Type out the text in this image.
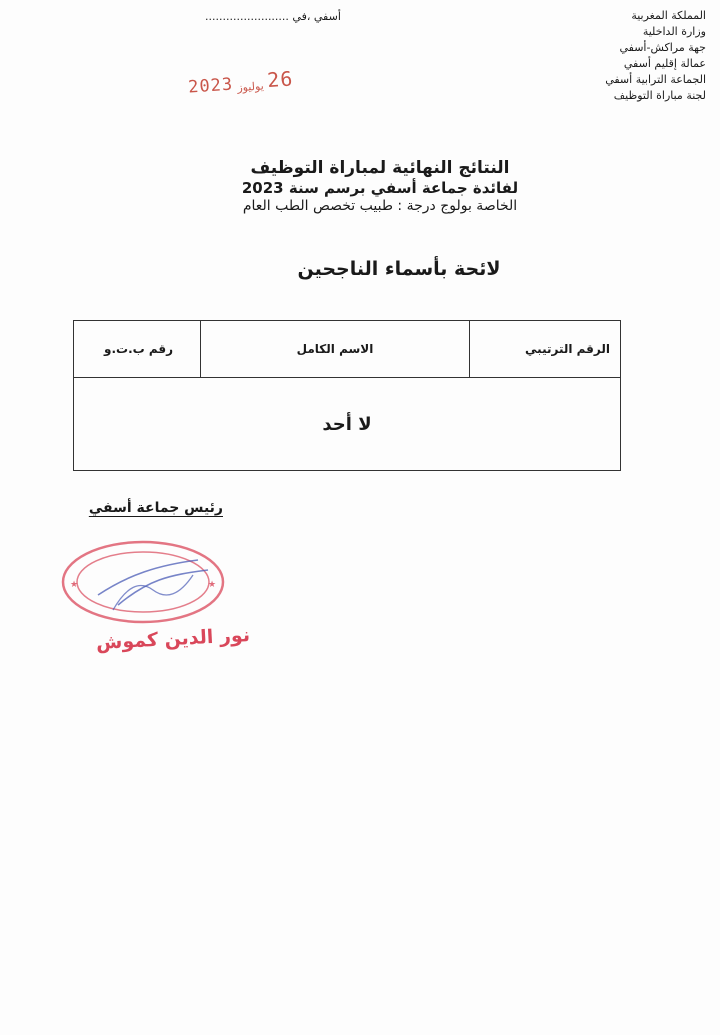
المملكة المغربية
وزارة الداخلية
جهة مراكش-أسفي
عمالة إقليم أسفي
الجماعة الترابية أسفي
لجنة مباراة التوظيف
أسفي ،في ........................
2023 يوليوز 26
النتائج النهائية لمباراة التوظيف
لفائدة جماعة أسفي برسم سنة 2023
الخاصة بولوج درجة : طبيب تخصص الطب العام
لائحة بأسماء الناجحين
الرقم الترتيبي	الاسم الكامل	رقم ب.ت.و
لا أحد
رئيس جماعة أسفي
★	★
نور الدين كموش
